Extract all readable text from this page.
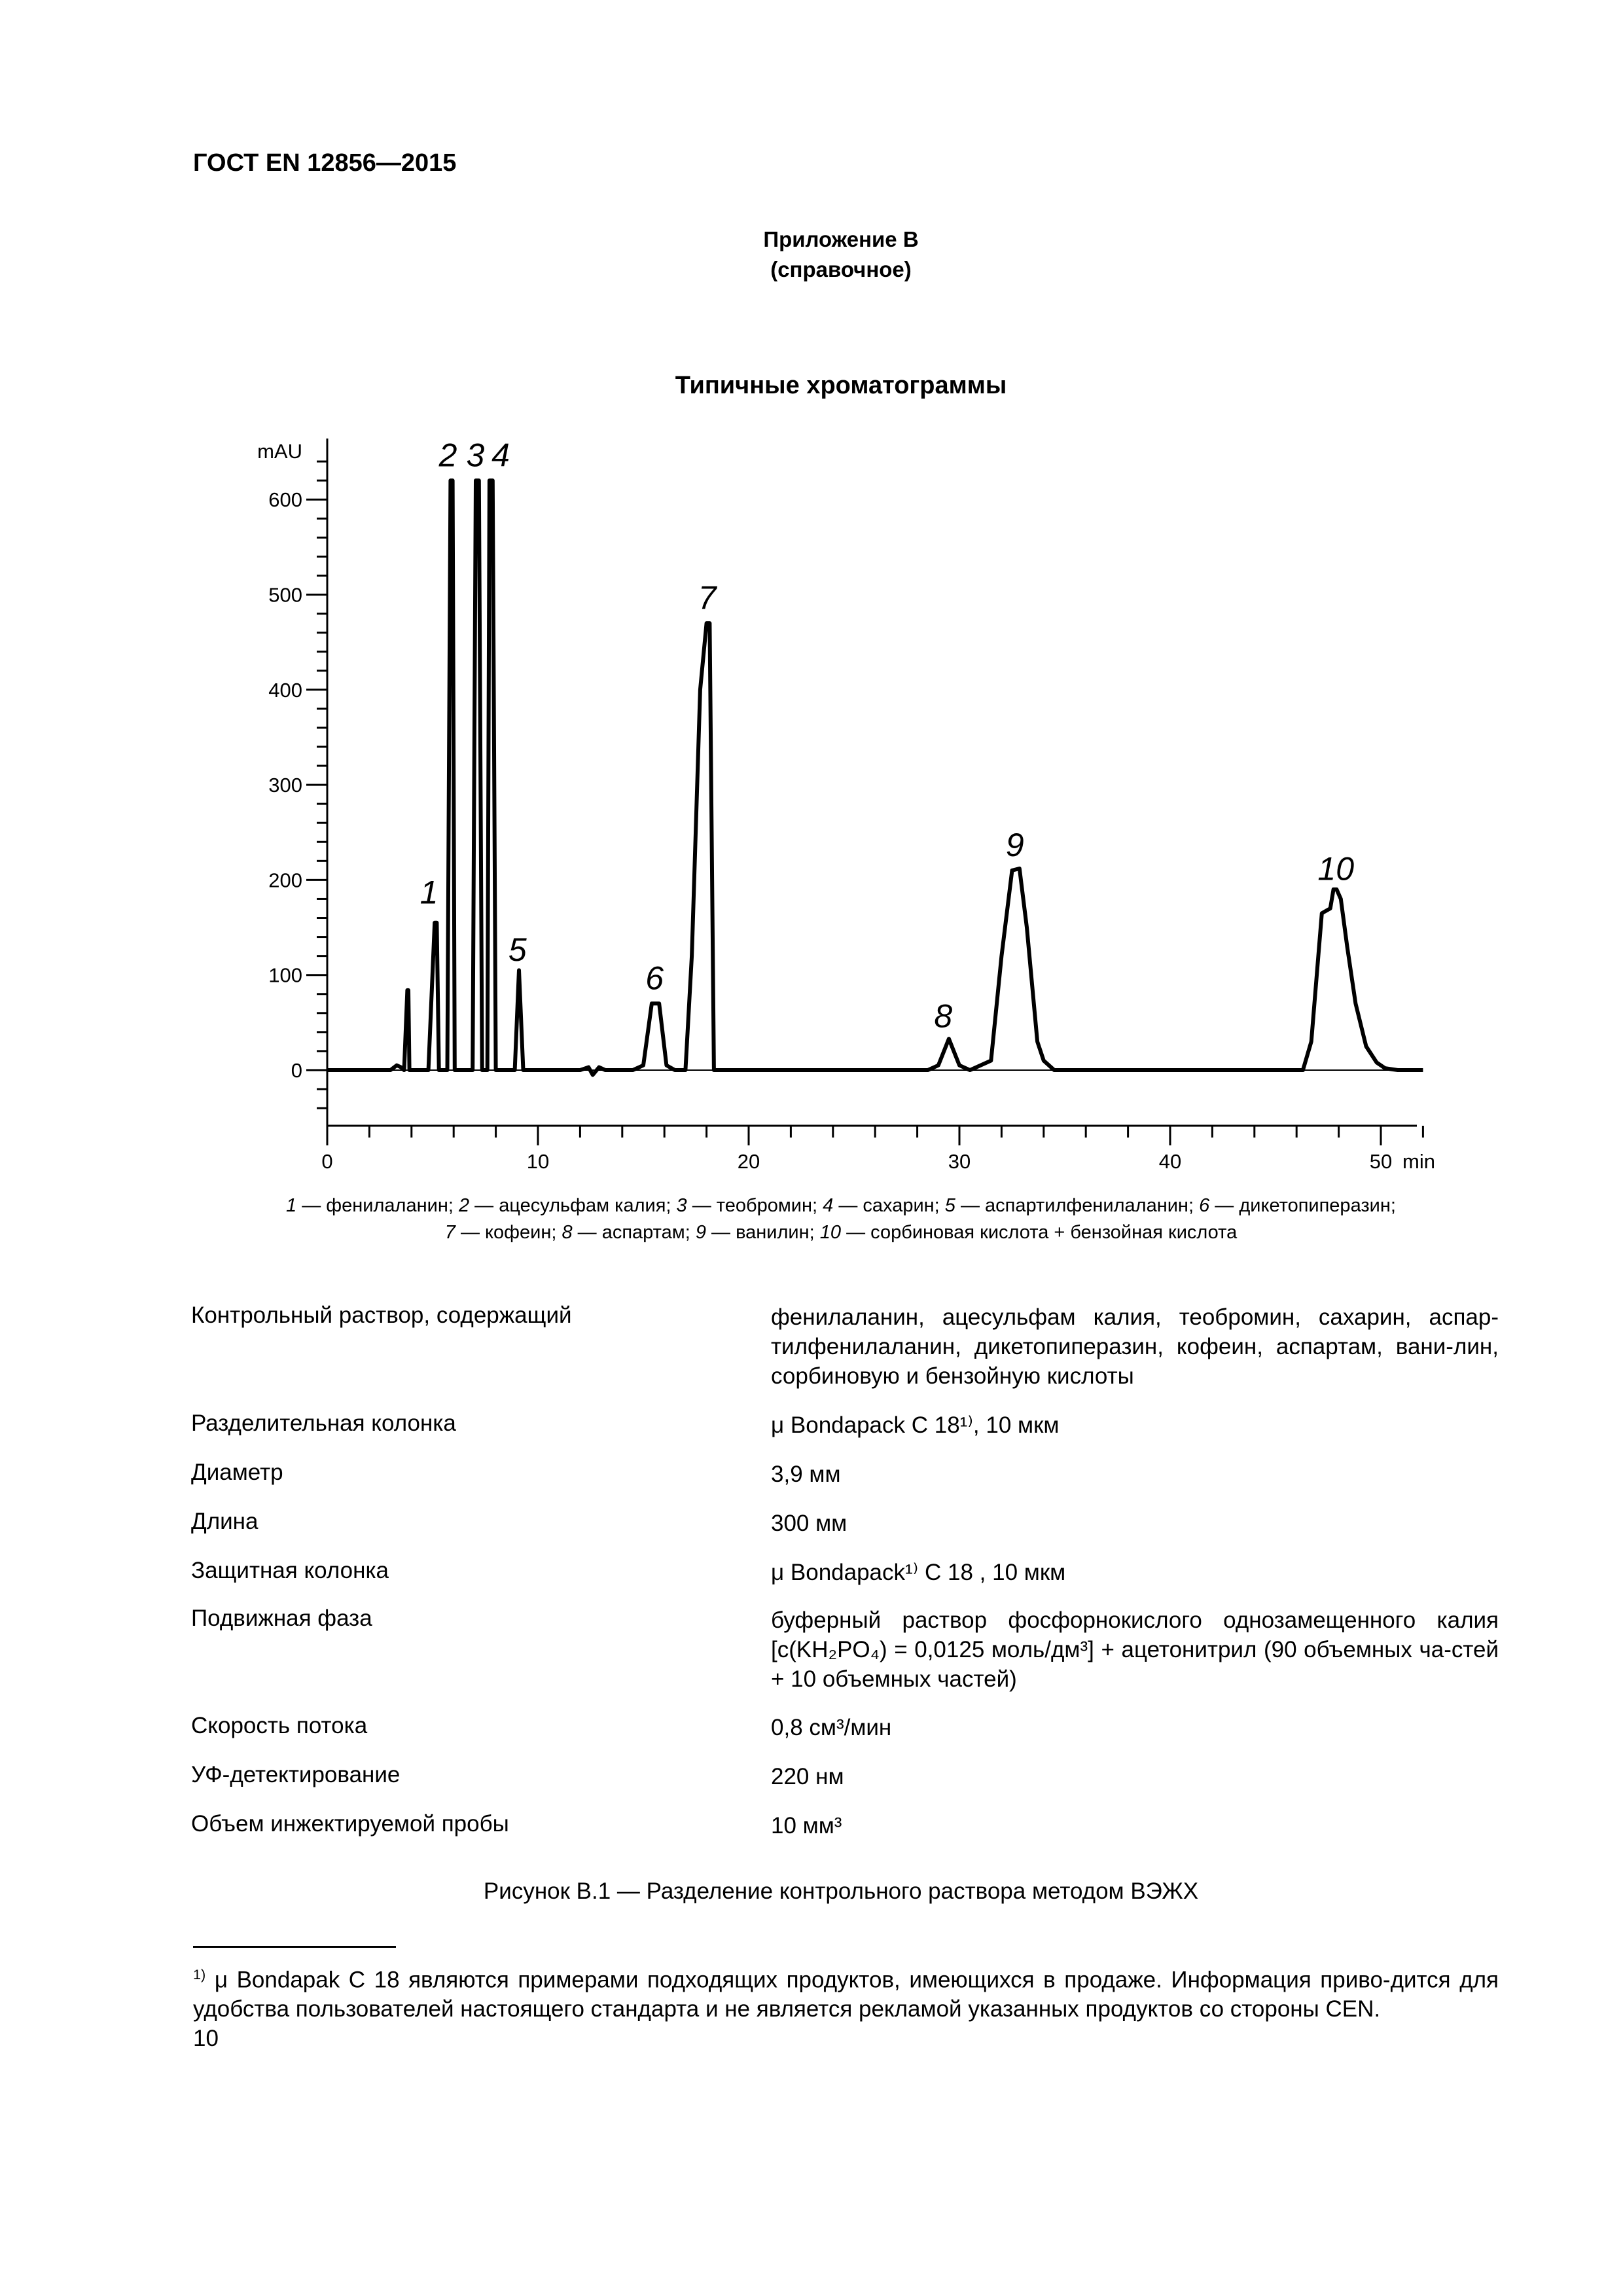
ГОСТ EN 12856—2015
Приложение В
(справочное)
Типичные хроматограммы
0
100
200
300
400
500
600
mAU
0	10	20	30	40	50 min
1
2 3 4
5
6
7
8
9
10
1 — фенилаланин; 2 — ацесульфам калия; 3 — теобромин; 4 — сахарин; 5 — аспартилфенилаланин; 6 — дикетопиперазин;
7 — кофеин; 8 — аспартам; 9 — ванилин; 10 — сорбиновая кислота + бензойная кислота
Контрольный раствор, содержащий	фенилаланин, ацесульфам калия, теобромин, сахарин, аспар-тилфенилаланин, дикетопиперазин, кофеин, аспартам, вани-лин, сорбиновую и бензойную кислоты
Разделительная колонка	μ Bondapack C 18¹⁾, 10 мкм
Диаметр	3,9 мм
Длина	300 мм
Защитная колонка	μ Bondapack¹⁾ C 18 , 10 мкм
Подвижная фаза	буферный раствор фосфорнокислого однозамещенного калия [c(KH₂PO₄) = 0,0125 моль/дм³] + ацетонитрил (90 объемных ча-стей + 10 объемных частей)
Скорость потока	0,8 см³/мин
УФ-детектирование	220 нм
Объем инжектируемой пробы	10 мм³
Рисунок В.1 — Разделение контрольного раствора методом ВЭЖХ
$^{1)}$ μ Bondapak C 18 являются примерами подходящих продуктов, имеющихся в продаже. Информация приво-дится для удобства пользователей настоящего стандарта и не является рекламой указанных продуктов со стороны CEN.
10
